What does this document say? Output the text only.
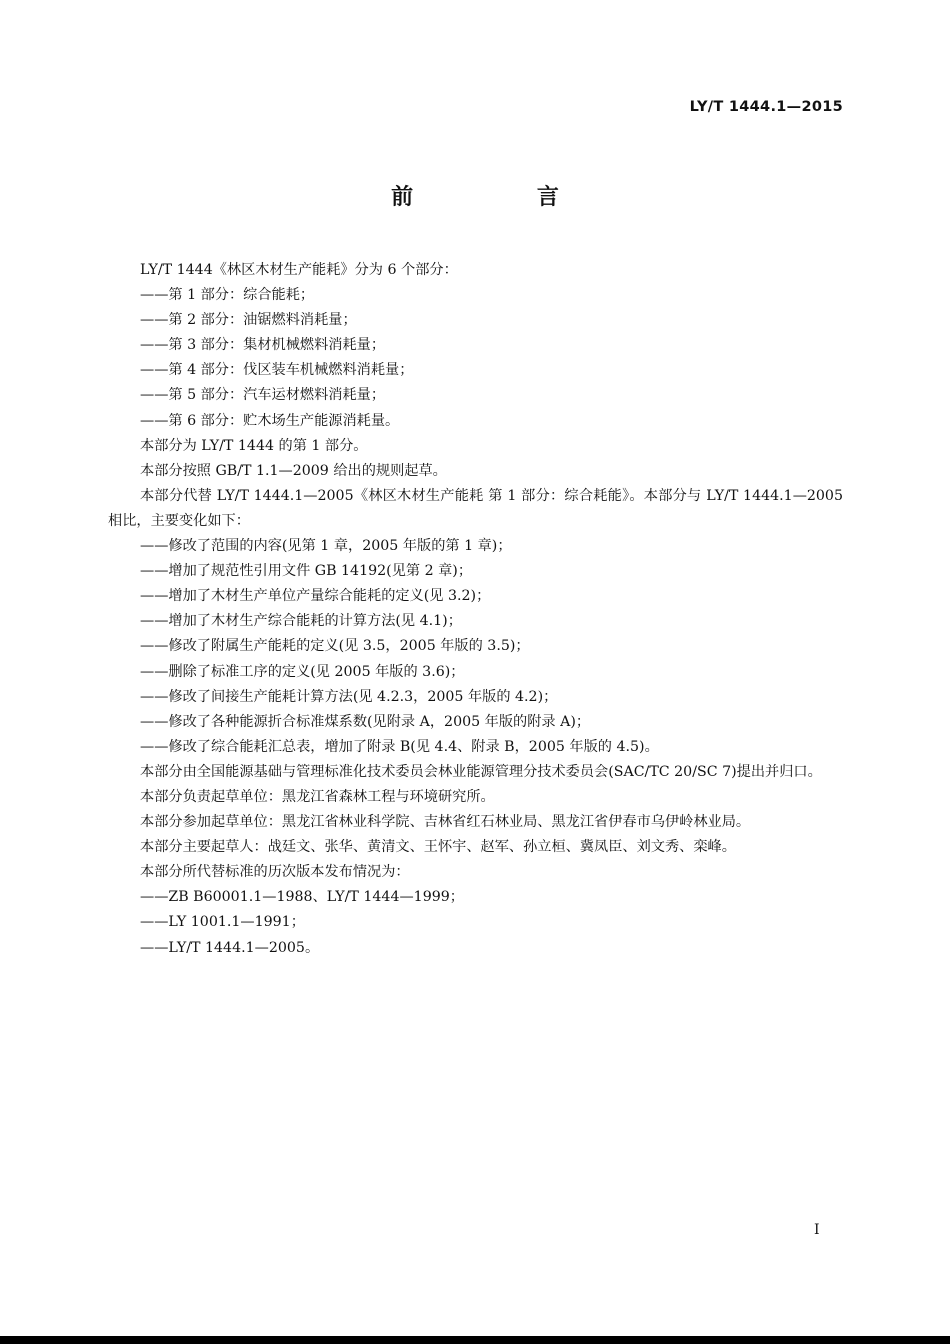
LY/T 1444.1—2015
前 言
LY/T 1444《林区木材生产能耗》分为 6 个部分：
——第 1 部分：综合能耗；
——第 2 部分：油锯燃料消耗量；
——第 3 部分：集材机械燃料消耗量；
——第 4 部分：伐区装车机械燃料消耗量；
——第 5 部分：汽车运材燃料消耗量；
——第 6 部分：贮木场生产能源消耗量。
本部分为 LY/T 1444 的第 1 部分。
本部分按照 GB/T 1.1—2009 给出的规则起草。
本部分代替 LY/T 1444.1—2005《林区木材生产能耗 第 1 部分：综合耗能》。本部分与 LY/T 1444.1—2005相比，主要变化如下：
——修改了范围的内容(见第 1 章，2005 年版的第 1 章)；
——增加了规范性引用文件 GB 14192(见第 2 章)；
——增加了木材生产单位产量综合能耗的定义(见 3.2)；
——增加了木材生产综合能耗的计算方法(见 4.1)；
——修改了附属生产能耗的定义(见 3.5，2005 年版的 3.5)；
——删除了标准工序的定义(见 2005 年版的 3.6)；
——修改了间接生产能耗计算方法(见 4.2.3，2005 年版的 4.2)；
——修改了各种能源折合标准煤系数(见附录 A，2005 年版的附录 A)；
——修改了综合能耗汇总表，增加了附录 B(见 4.4、附录 B，2005 年版的 4.5)。
本部分由全国能源基础与管理标准化技术委员会林业能源管理分技术委员会(SAC/TC 20/SC 7)提出并归口。
本部分负责起草单位：黑龙江省森林工程与环境研究所。
本部分参加起草单位：黑龙江省林业科学院、吉林省红石林业局、黑龙江省伊春市乌伊岭林业局。
本部分主要起草人：战廷文、张华、黄清文、王怀宇、赵军、孙立桓、冀凤臣、刘文秀、栾峰。
本部分所代替标准的历次版本发布情况为：
——ZB B60001.1—1988、LY/T 1444—1999；
——LY 1001.1—1991；
——LY/T 1444.1—2005。
I
